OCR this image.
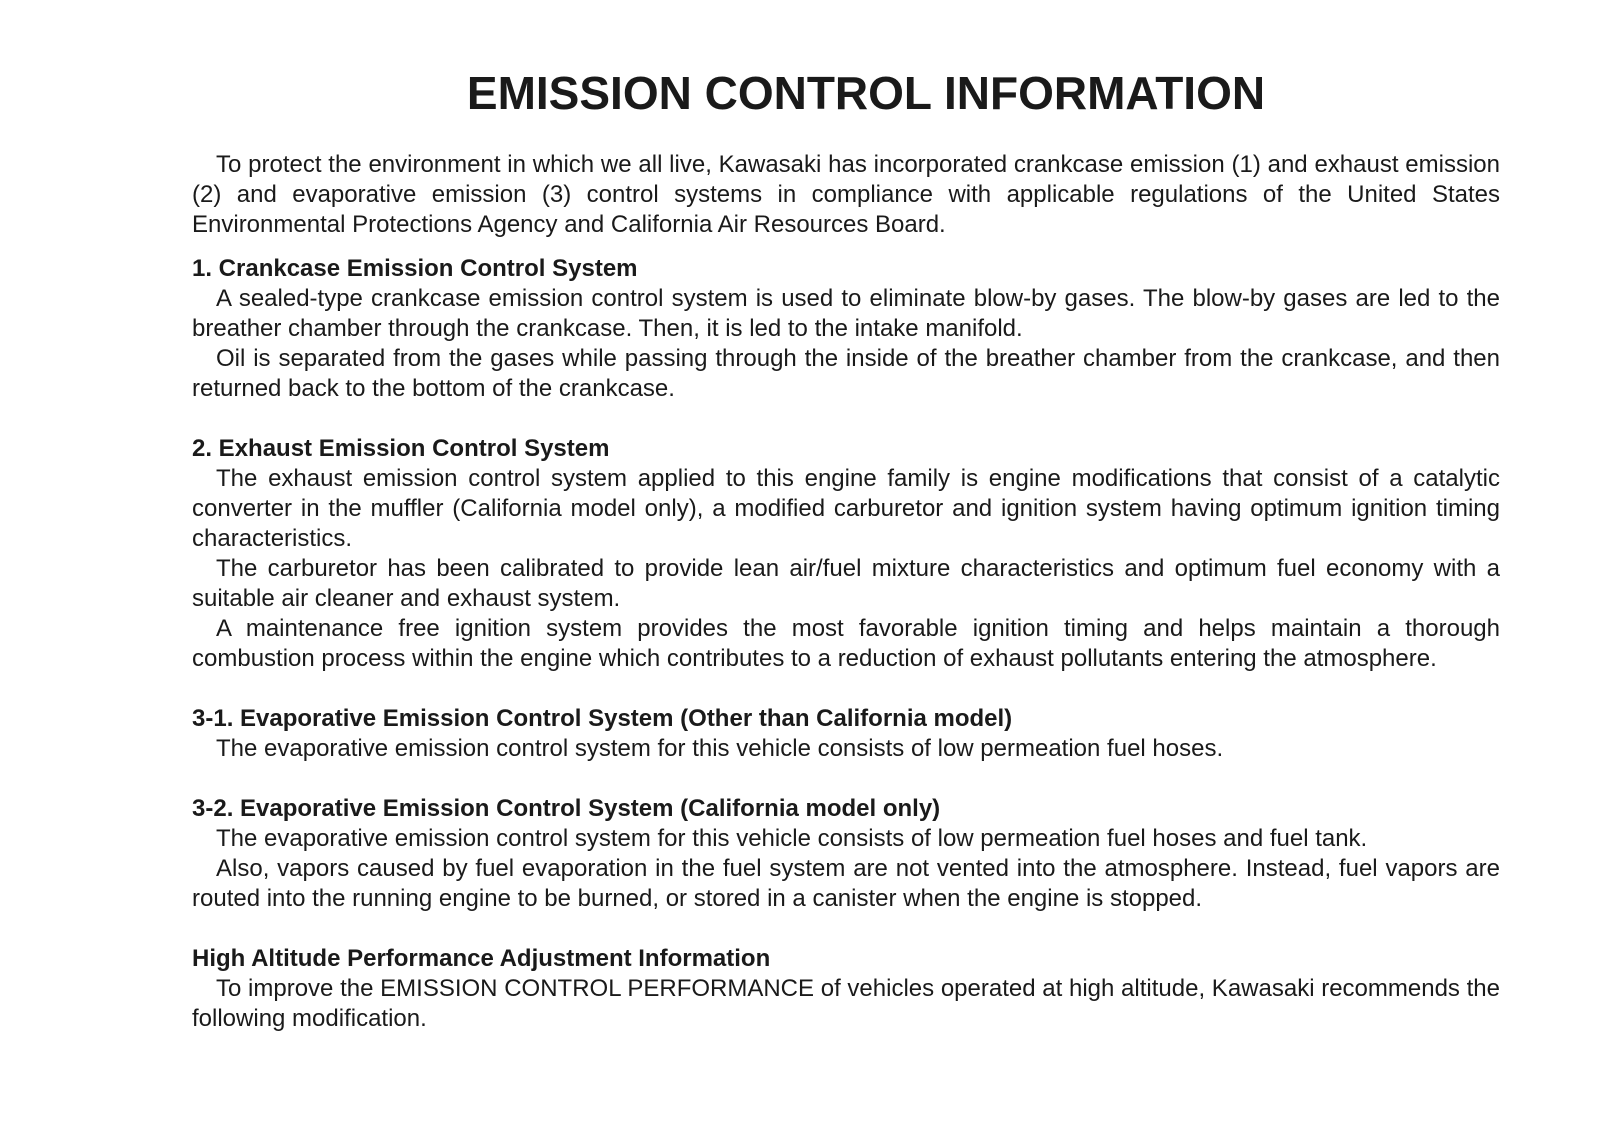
EMISSION CONTROL INFORMATION

To protect the environment in which we all live, Kawasaki has incorporated crankcase emission (1) and exhaust emission (2) and evaporative emission (3) control systems in compliance with applicable regulations of the United States Environmental Protections Agency and California Air Resources Board.

1. Crankcase Emission Control System

A sealed-type crankcase emission control system is used to eliminate blow-by gases. The blow-by gases are led to the breather chamber through the crankcase. Then, it is led to the intake manifold.

Oil is separated from the gases while passing through the inside of the breather chamber from the crankcase, and then returned back to the bottom of the crankcase.

2. Exhaust Emission Control System

The exhaust emission control system applied to this engine family is engine modifications that consist of a catalytic converter in the muffler (California model only), a modified carburetor and ignition system having optimum ignition timing characteristics.

The carburetor has been calibrated to provide lean air/fuel mixture characteristics and optimum fuel economy with a suitable air cleaner and exhaust system.

A maintenance free ignition system provides the most favorable ignition timing and helps maintain a thorough combustion process within the engine which contributes to a reduction of exhaust pollutants entering the atmosphere.

3-1. Evaporative Emission Control System (Other than California model)

The evaporative emission control system for this vehicle consists of low permeation fuel hoses.

3-2. Evaporative Emission Control System (California model only)

The evaporative emission control system for this vehicle consists of low permeation fuel hoses and fuel tank.

Also, vapors caused by fuel evaporation in the fuel system are not vented into the atmosphere. Instead, fuel vapors are routed into the running engine to be burned, or stored in a canister when the engine is stopped.

High Altitude Performance Adjustment Information

To improve the EMISSION CONTROL PERFORMANCE of vehicles operated at high altitude, Kawasaki recommends the following modification.
